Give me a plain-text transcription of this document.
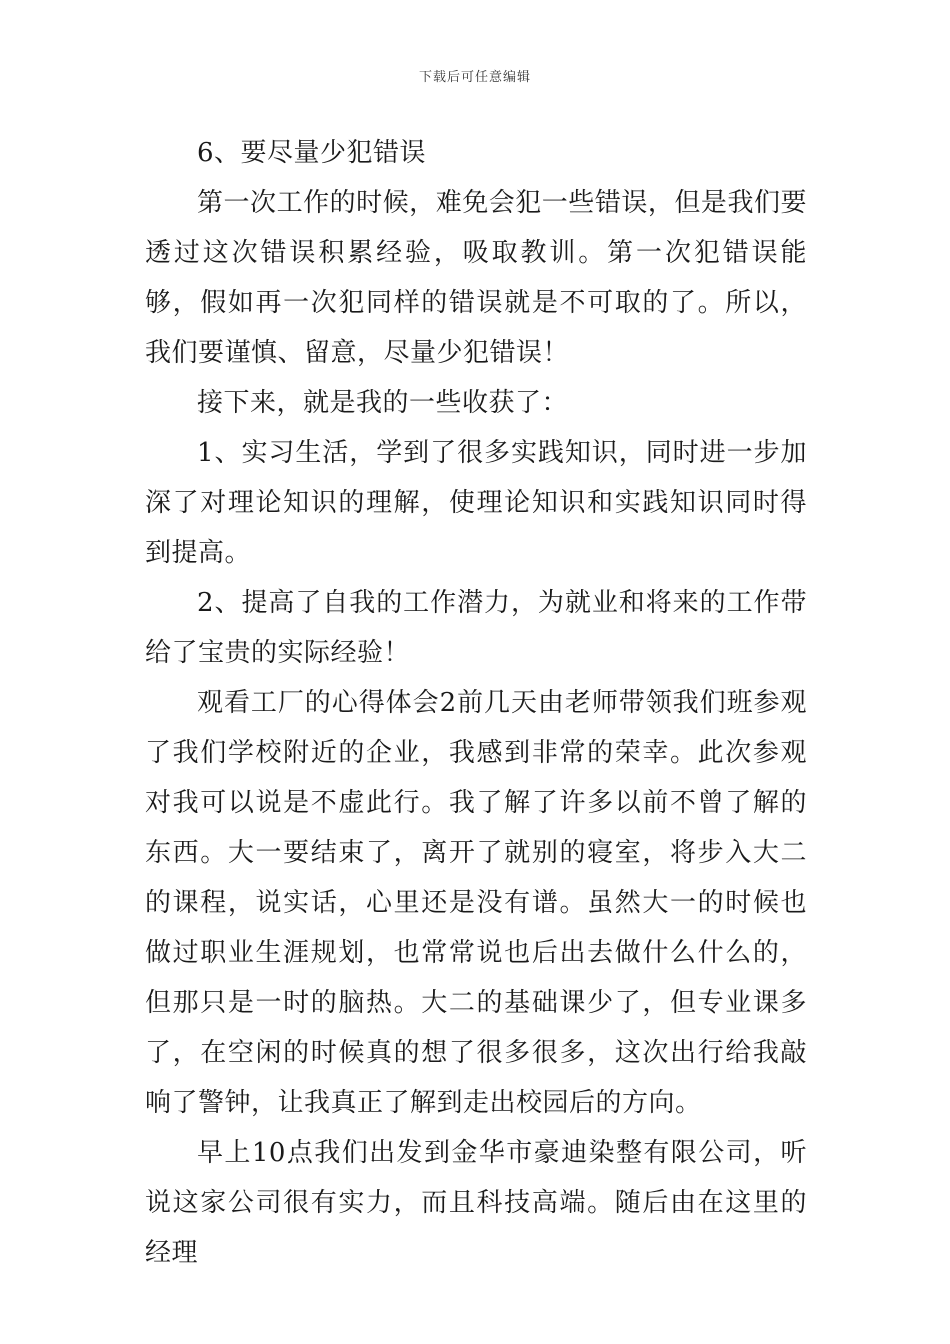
下载后可任意编辑

6、要尽量少犯错误

第一次工作的时候，难免会犯一些错误，但是我们要透过这次错误积累经验，吸取教训。第一次犯错误能够，假如再一次犯同样的错误就是不可取的了。所以，我们要谨慎、留意，尽量少犯错误！

接下来，就是我的一些收获了：

1、实习生活，学到了很多实践知识，同时进一步加深了对理论知识的理解，使理论知识和实践知识同时得到提高。

2、提高了自我的工作潜力，为就业和将来的工作带给了宝贵的实际经验！

观看工厂的心得体会2前几天由老师带领我们班参观了我们学校附近的企业，我感到非常的荣幸。此次参观对我可以说是不虚此行。我了解了许多以前不曾了解的东西。大一要结束了，离开了就别的寝室，将步入大二的课程，说实话，心里还是没有谱。虽然大一的时候也做过职业生涯规划，也常常说也后出去做什么什么的，但那只是一时的脑热。大二的基础课少了，但专业课多了，在空闲的时候真的想了很多很多，这次出行给我敲响了警钟，让我真正了解到走出校园后的方向。

早上10点我们出发到金华市豪迪染整有限公司，听说这家公司很有实力，而且科技高端。随后由在这里的经理
